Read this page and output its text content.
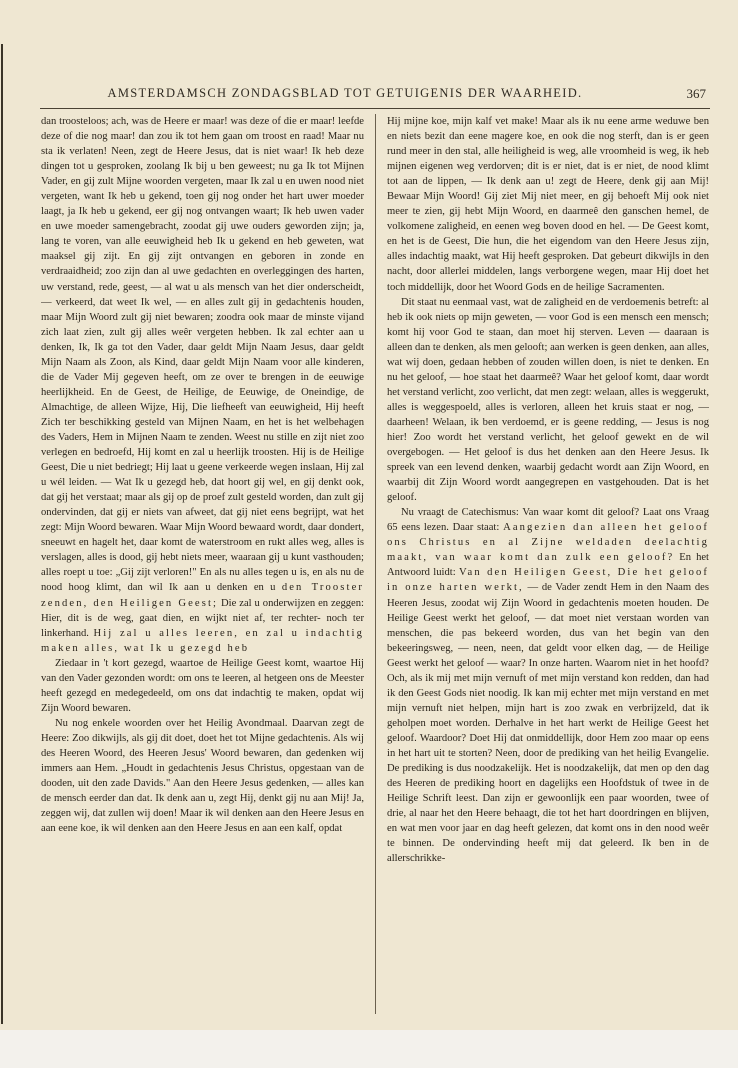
AMSTERDAMSCH ZONDAGSBLAD TOT GETUIGENIS DER WAARHEID.	367

dan troosteloos; ach, was de Heere er maar! was deze of die er maar! leefde deze of die nog maar! dan zou ik tot hem gaan om troost en raad! Maar nu sta ik verlaten! Neen, zegt de Heere Jesus, dat is niet waar! Ik heb deze dingen tot u gesproken, zoolang Ik bij u ben geweest; nu ga Ik tot Mijnen Vader, en gij zult Mijne woorden vergeten, maar Ik zal u en uwen nood niet vergeten, want Ik heb u gekend, toen gij nog onder het hart uwer moeder laagt, ja Ik heb u gekend, eer gij nog ontvangen waart; Ik heb uwen vader en uwe moeder samengebracht, zoodat gij uwe ouders geworden zijn; ja, lang te voren, van alle eeuwigheid heb Ik u gekend en heb geweten, wat maaksel gij zijt. En gij zijt ontvangen en geboren in zonde en verdraaidheid; zoo zijn dan al uwe gedachten en overleggingen des harten, uw verstand, rede, geest, — al wat u als mensch van het dier onderscheidt, — verkeerd, dat weet Ik wel, — en alles zult gij in gedachtenis houden, maar Mijn Woord zult gij niet bewaren; zoodra ook maar de minste vijand zich laat zien, zult gij alles weêr vergeten hebben. Ik zal echter aan u denken, Ik, Ik ga tot den Vader, daar geldt Mijn Naam Jesus, daar geldt Mijn Naam als Zoon, als Kind, daar geldt Mijn Naam voor alle kinderen, die de Vader Mij gegeven heeft, om ze over te brengen in de eeuwige heerlijkheid. En de Geest, de Heilige, de Eeuwige, de Oneindige, de Almachtige, de alleen Wijze, Hij, Die liefheeft van eeuwigheid, Hij heeft Zich ter beschikking gesteld van Mijnen Naam, en het is het welbehagen des Vaders, Hem in Mijnen Naam te zenden. Weest nu stille en zijt niet zoo verlegen en bedroefd, Hij komt en zal u heerlijk troosten. Hij is de Heilige Geest, Die u niet bedriegt; Hij laat u geene verkeerde wegen inslaan, Hij zal u wél leiden. — Wat Ik u gezegd heb, dat hoort gij wel, en gij denkt ook, dat gij het verstaat; maar als gij op de proef zult gesteld worden, dan zult gij ondervinden, dat gij er niets van afweet, dat gij niet eens begrijpt, wat het zegt: Mijn Woord bewaren. Waar Mijn Woord bewaard wordt, daar dondert, sneeuwt en hagelt het, daar komt de waterstroom en rukt alles weg, alles is verslagen, alles is dood, gij hebt niets meer, waaraan gij u kunt vasthouden; alles roept u toe: „Gij zijt verloren!" En als nu alles tegen u is, en als nu de nood hoog klimt, dan wil Ik aan u denken en u den Trooster zenden, den Heiligen Geest; Die zal u onderwijzen en zeggen: Hier, dit is de weg, gaat dien, en wijkt niet af, ter rechter- noch ter linkerhand. Hij zal u alles leeren, en zal u indachtig maken alles, wat Ik u gezegd heb

Ziedaar in 't kort gezegd, waartoe de Heilige Geest komt, waartoe Hij van den Vader gezonden wordt: om ons te leeren, al hetgeen ons de Meester heeft gezegd en medegedeeld, om ons dat indachtig te maken, opdat wij Zijn Woord bewaren.

Nu nog enkele woorden over het Heilig Avondmaal. Daarvan zegt de Heere: Zoo dikwijls, als gij dit doet, doet het tot Mijne gedachtenis. Als wij des Heeren Woord, des Heeren Jesus' Woord bewaren, dan gedenken wij immers aan Hem. „Houdt in gedachtenis Jesus Christus, opgestaan van de dooden, uit den zade Davids." Aan den Heere Jesus gedenken, — alles kan de mensch eerder dan dat. Ik denk aan u, zegt Hij, denkt gij nu aan Mij! Ja, zeggen wij, dat zullen wij doen! Maar ik wil denken aan den Heere Jesus en aan eene koe, ik wil denken aan den Heere Jesus en aan een kalf, opdat

Hij mijne koe, mijn kalf vet make! Maar als ik nu eene arme weduwe ben en niets bezit dan eene magere koe, en ook die nog sterft, dan is er geen rund meer in den stal, alle heiligheid is weg, alle vroomheid is weg, ik heb mijnen eigenen weg verdorven; dit is er niet, dat is er niet, de nood klimt tot aan de lippen, — Ik denk aan u! zegt de Heere, denk gij aan Mij! Bewaar Mijn Woord! Gij ziet Mij niet meer, en gij behoeft Mij ook niet meer te zien, gij hebt Mijn Woord, en daarmeê den ganschen hemel, de volkomene zaligheid, en eenen weg boven dood en hel. — De Geest komt, en het is de Geest, Die hun, die het eigendom van den Heere Jesus zijn, alles indachtig maakt, wat Hij heeft gesproken. Dat gebeurt dikwijls in den nacht, door allerlei middelen, langs verborgene wegen, maar Hij doet het toch middellijk, door het Woord Gods en de heilige Sacramenten.

Dit staat nu eenmaal vast, wat de zaligheid en de verdoemenis betreft: al heb ik ook niets op mijn geweten, — voor God is een mensch een mensch; komt hij voor God te staan, dan moet hij sterven. Leven — daaraan is alleen dan te denken, als men gelooft; aan werken is geen denken, aan alles, wat wij doen, gedaan hebben of zouden willen doen, is niet te denken. En nu het geloof, — hoe staat het daarmeê? Waar het geloof komt, daar wordt het verstand verlicht, zoo verlicht, dat men zegt: welaan, alles is weggerukt, alles is weggespoeld, alles is verloren, alleen het kruis staat er nog, — daarheen! Welaan, ik ben verdoemd, er is geene redding, — Jesus is nog hier! Zoo wordt het verstand verlicht, het geloof gewekt en de wil overgebogen. — Het geloof is dus het denken aan den Heere Jesus. Ik spreek van een levend denken, waarbij gedacht wordt aan Zijn Woord, en waarbij dit Zijn Woord wordt aangegrepen en vastgehouden. Dat is het geloof.

Nu vraagt de Catechismus: Van waar komt dit geloof? Laat ons Vraag 65 eens lezen. Daar staat: Aangezien dan alleen het geloof ons Christus en al Zijne weldaden deelachtig maakt, van waar komt dan zulk een geloof? En het Antwoord luidt: Van den Heiligen Geest, Die het geloof in onze harten werkt, — de Vader zendt Hem in den Naam des Heeren Jesus, zoodat wij Zijn Woord in gedachtenis moeten houden. De Heilige Geest werkt het geloof, — dat moet niet verstaan worden van menschen, die pas bekeerd worden, dus van het begin van den bekeeringsweg, — neen, neen, dat geldt voor elken dag, — de Heilige Geest werkt het geloof — waar? In onze harten. Waarom niet in het hoofd? Och, als ik mij met mijn vernuft of met mijn verstand kon redden, dan had ik den Geest Gods niet noodig. Ik kan mij echter met mijn verstand en met mijn vernuft niet helpen, mijn hart is zoo zwak en verbrijzeld, dat ik geholpen moet worden. Derhalve in het hart werkt de Heilige Geest het geloof. Waardoor? Doet Hij dat onmiddellijk, door Hem zoo maar op eens in het hart uit te storten? Neen, door de prediking van het heilig Evangelie. De prediking is dus noodzakelijk. Het is noodzakelijk, dat men op den dag des Heeren de prediking hoort en dagelijks een Hoofdstuk of twee in de Heilige Schrift leest. Dan zijn er gewoonlijk een paar woorden, twee of drie, al naar het den Heere behaagt, die tot het hart doordringen en blijven, en wat men voor jaar en dag heeft gelezen, dat komt ons in den nood weêr te binnen. De ondervinding heeft mij dat geleerd. Ik ben in de allerschrikke-
